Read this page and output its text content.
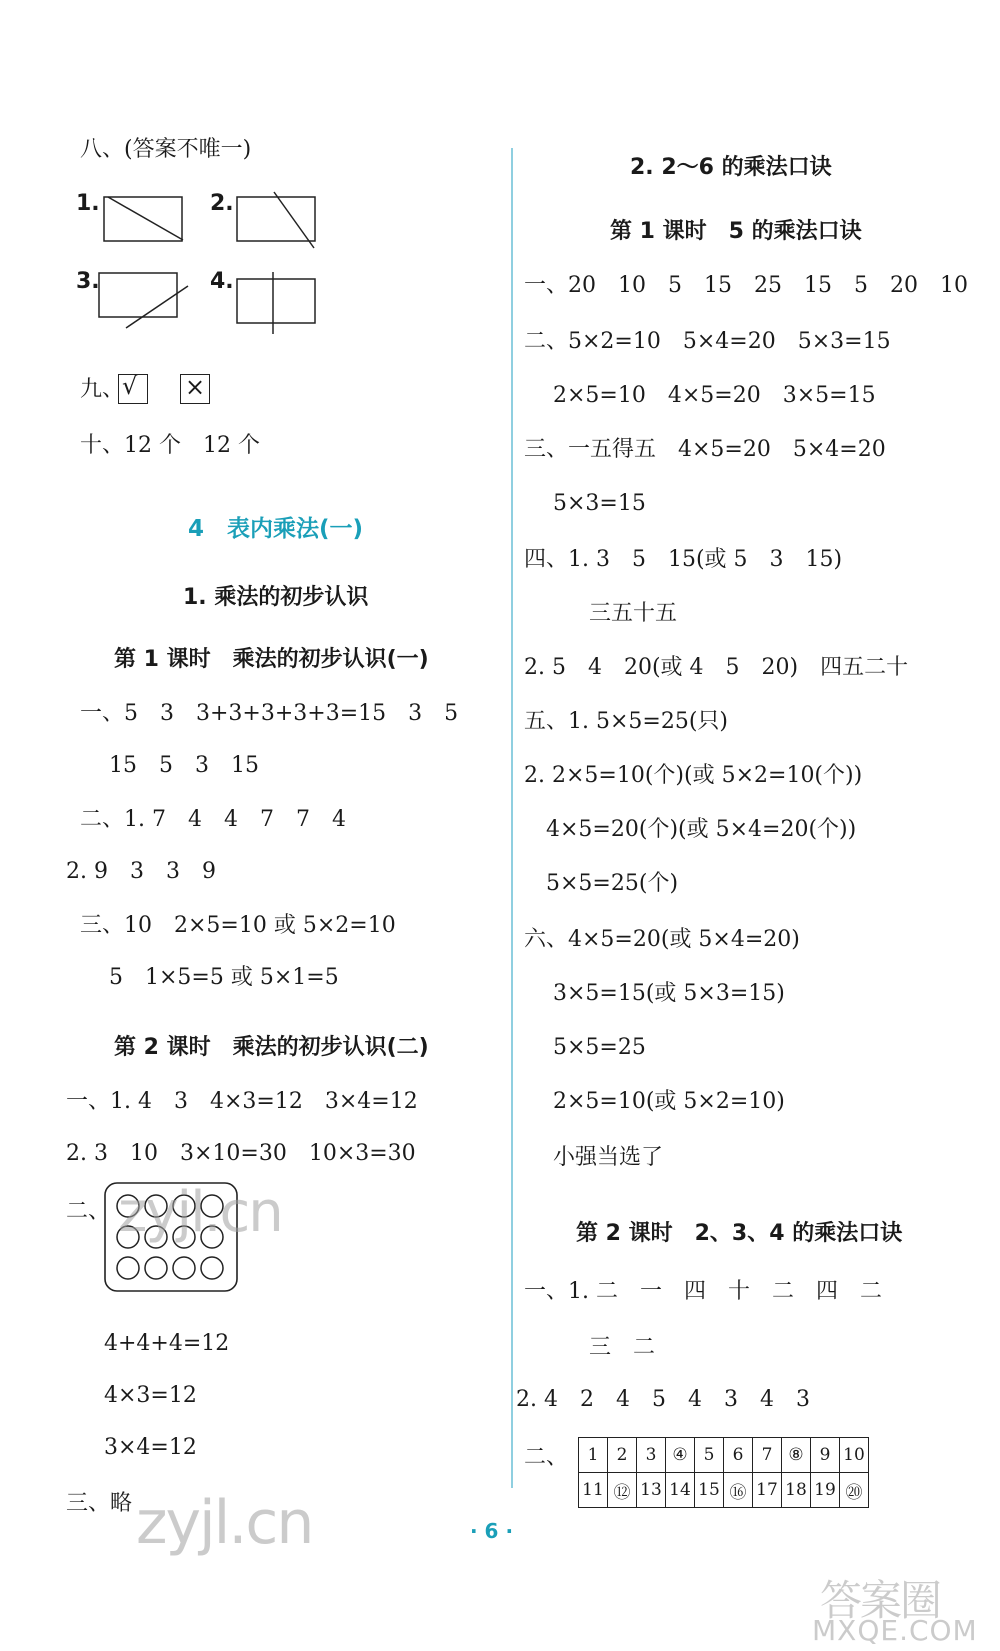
八、(答案不唯一)
1.	2.
3.	4.
九、
√ ×
十、12 个　12 个
4　表内乘法(一)
1. 乘法的初步认识
第 1 课时　乘法的初步认识(一)
一、5　3　3+3+3+3+3=15　3　5
　 15　5　3　15
二、1. 7　4　4　7　7　4
2. 9　3　3　9
三、10　2×5=10 或 5×2=10
　 5　1×5=5 或 5×1=5
第 2 课时　乘法的初步认识(二)
一、1. 4　3　4×3=12　3×4=12
2. 3　10　3×10=30　10×3=30
二、
4+4+4=12
4×3=12
3×4=12
三、略
2. 2～6 的乘法口诀
第 1 课时　5 的乘法口诀
一、20　10　5　15　25　15　5　20　10
二、5×2=10　5×4=20　5×3=15
　 2×5=10　4×5=20　3×5=15
三、一五得五　4×5=20　5×4=20
　 5×3=15
四、1. 3　5　15(或 5　3　15)
　 三五十五
2. 5　4　20(或 4　5　20)　四五二十
五、1. 5×5=25(只)
2. 2×5=10(个)(或 5×2=10(个))
　4×5=20(个)(或 5×4=20(个))
　5×5=25(个)
六、4×5=20(或 5×4=20)
　 3×5=15(或 5×3=15)
　 5×5=25
　 2×5=10(或 5×2=10)
　 小强当选了
第 2 课时　2、3、4 的乘法口诀
一、1. 二　一　四　十　二　四　二
　 三　二
2. 4　2　4　5　4　3　4　3
二、 1	2	3	④	5	6	7	⑧	9	10
11	⑫	13	14	15	⑯	17	18	19	⑳
· 6 ·
zyjl.cn
zyjl.cn
答案圈
MXQE.COM
